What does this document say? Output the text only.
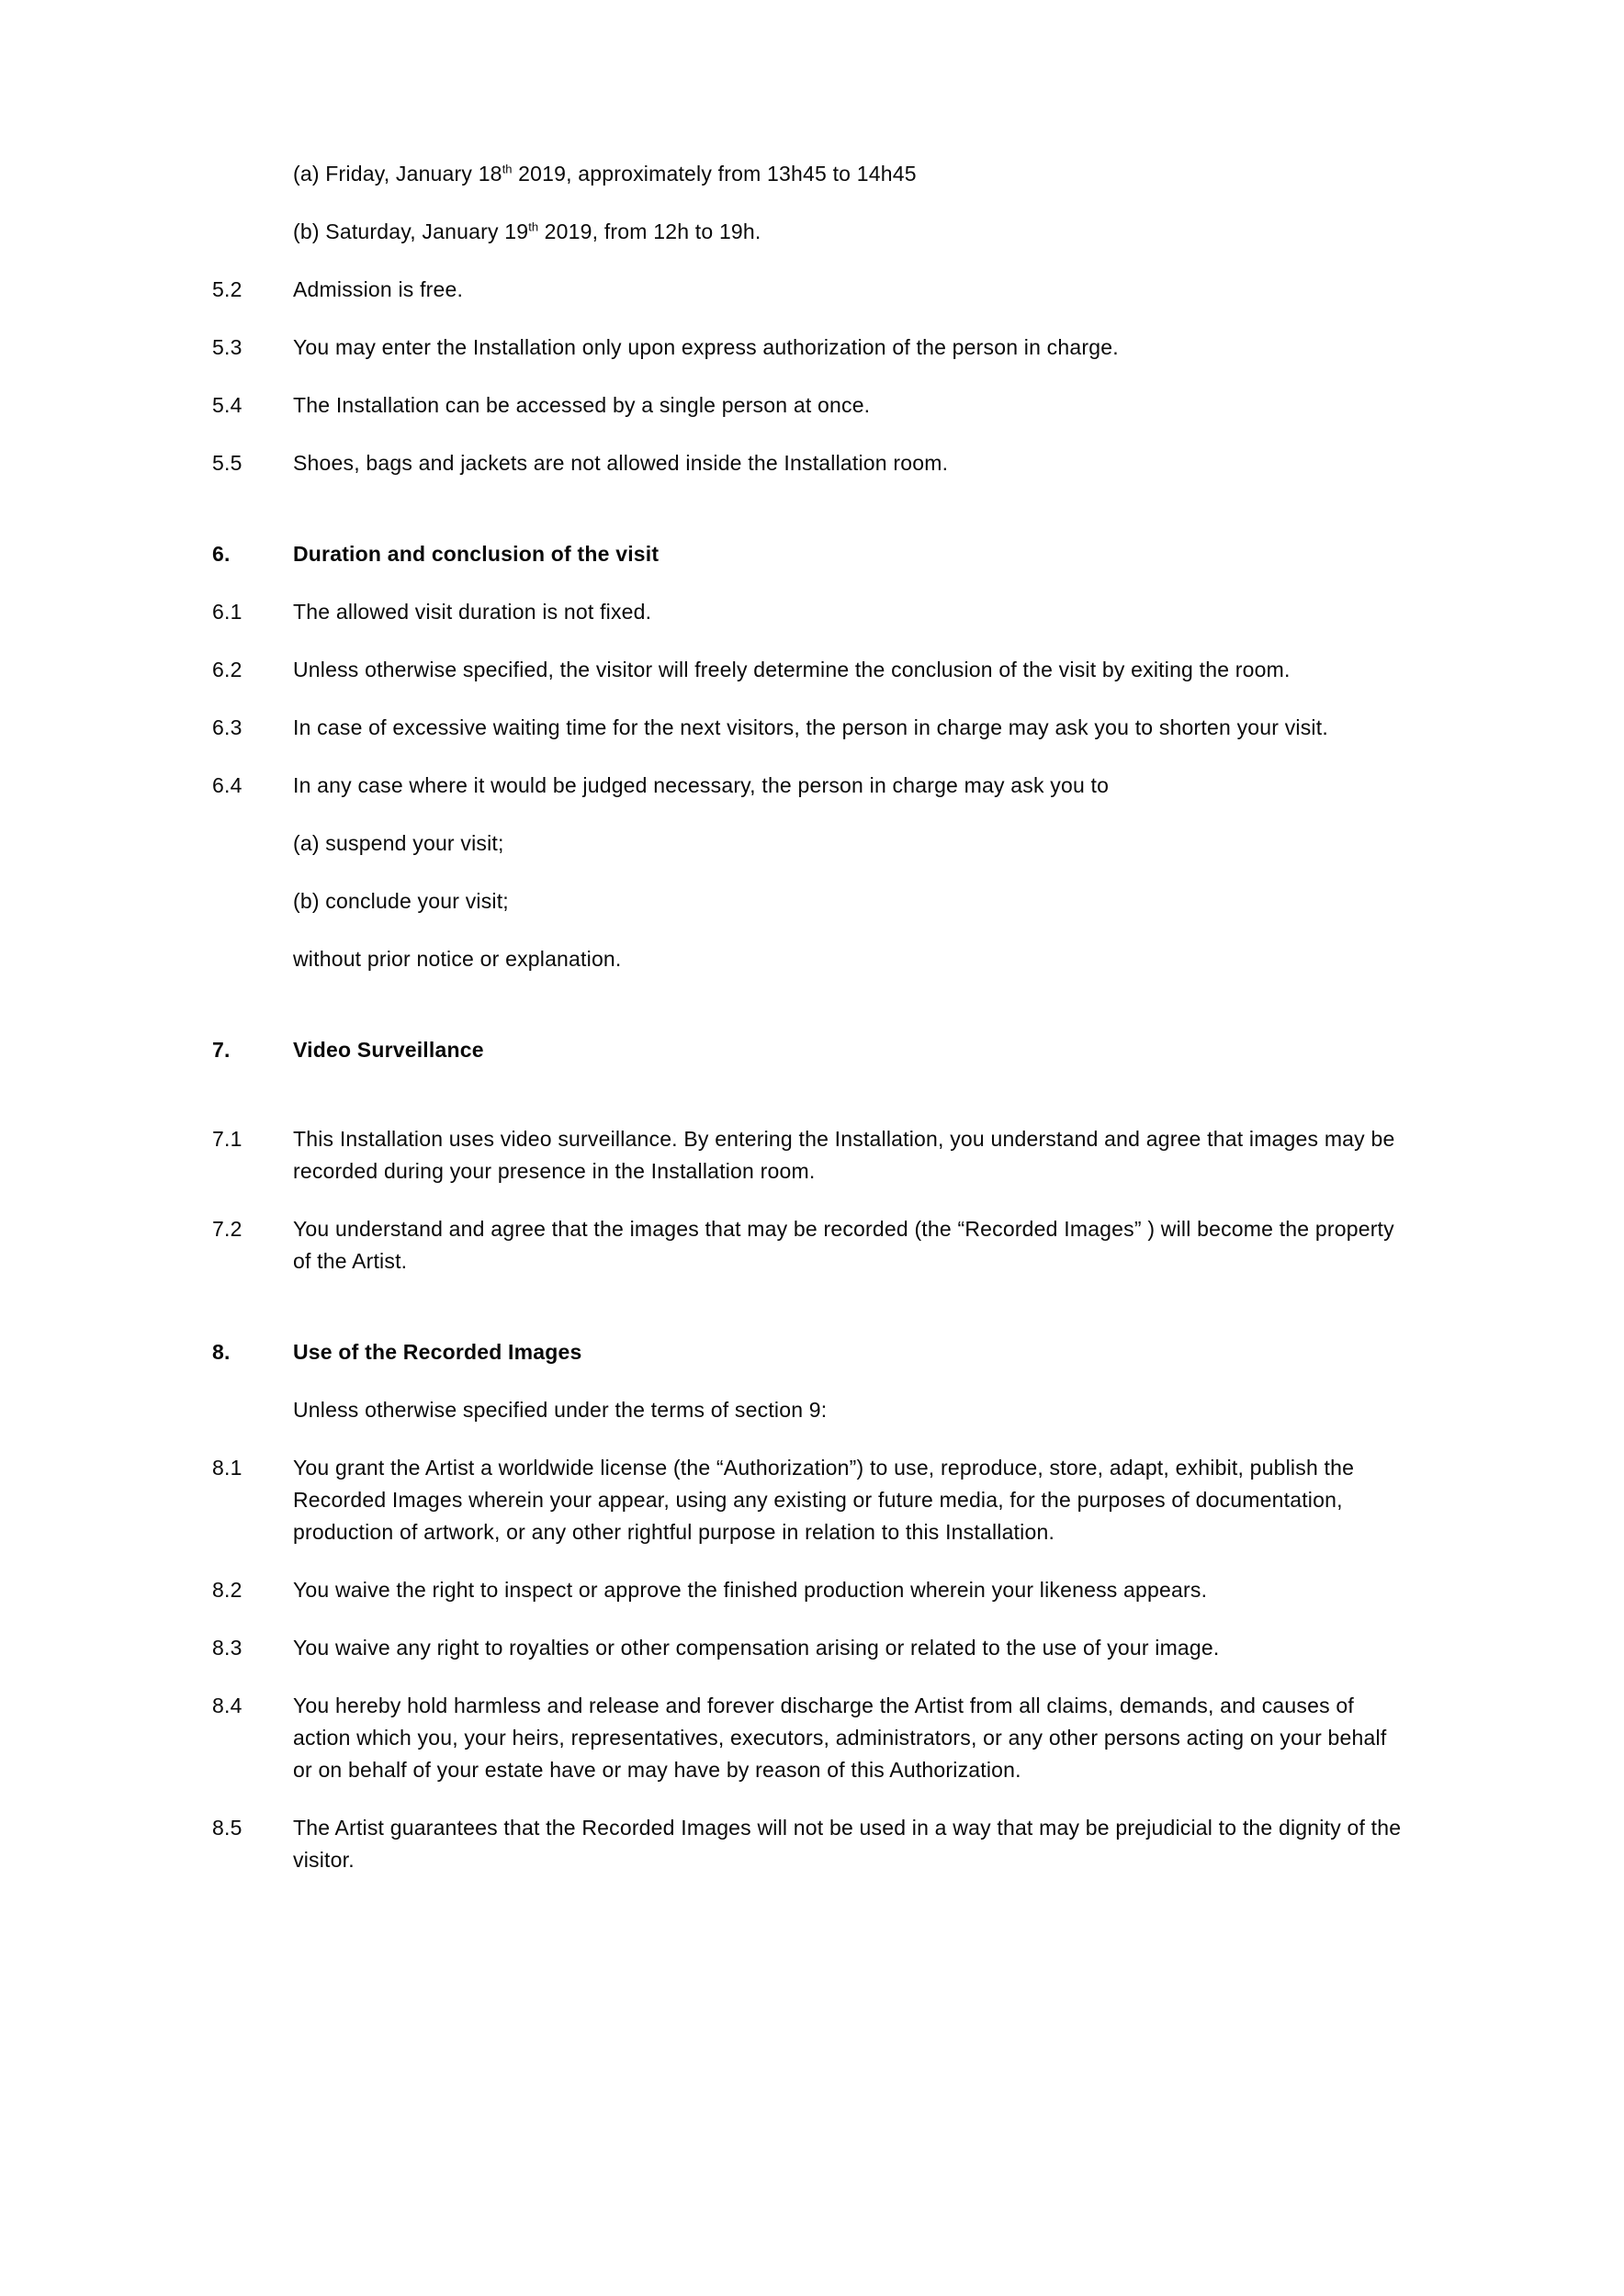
(a) Friday, January 18th 2019, approximately from 13h45 to 14h45
(b) Saturday, January 19th 2019, from 12h to 19h.
5.2	Admission is free.
5.3	You may enter the Installation only upon express authorization of the person in charge.
5.4	The Installation can be accessed by a single person at once.
5.5	Shoes, bags and jackets are not allowed inside the Installation room.
6.	Duration and conclusion of the visit
6.1	The allowed visit duration is not fixed.
6.2	Unless otherwise specified, the visitor will freely determine the conclusion of the visit by exiting the room.
6.3	In case of excessive waiting time for the next visitors, the person in charge may ask you to shorten your visit.
6.4	In any case where it would be judged necessary, the person in charge may ask you to
(a) suspend your visit;
(b) conclude your visit;
without prior notice or explanation.
7.	Video Surveillance
7.1	This Installation uses video surveillance. By entering the Installation, you understand and agree that images may be recorded during your presence in the Installation room.
7.2	You understand and agree that the images that may be recorded (the “Recorded Images” ) will become the property of the Artist.
8.	Use of the Recorded Images
Unless otherwise specified under the terms of section 9:
8.1	You grant the Artist a worldwide license (the “Authorization”) to use, reproduce, store, adapt, exhibit, publish the Recorded Images wherein your appear, using any existing or future media, for the purposes of documentation, production of artwork, or any other rightful purpose in relation to this Installation.
8.2	You waive the right to inspect or approve the finished production wherein your likeness appears.
8.3	You waive any right to royalties or other compensation arising or related to the use of your image.
8.4	You hereby hold harmless and release and forever discharge the Artist from all claims, demands, and causes of action which you, your heirs, representatives, executors, administrators, or any other persons acting on your behalf or on behalf of your estate have or may have by reason of this Authorization.
8.5	The Artist guarantees that the Recorded Images will not be used in a way that may be prejudicial to the dignity of the visitor.
